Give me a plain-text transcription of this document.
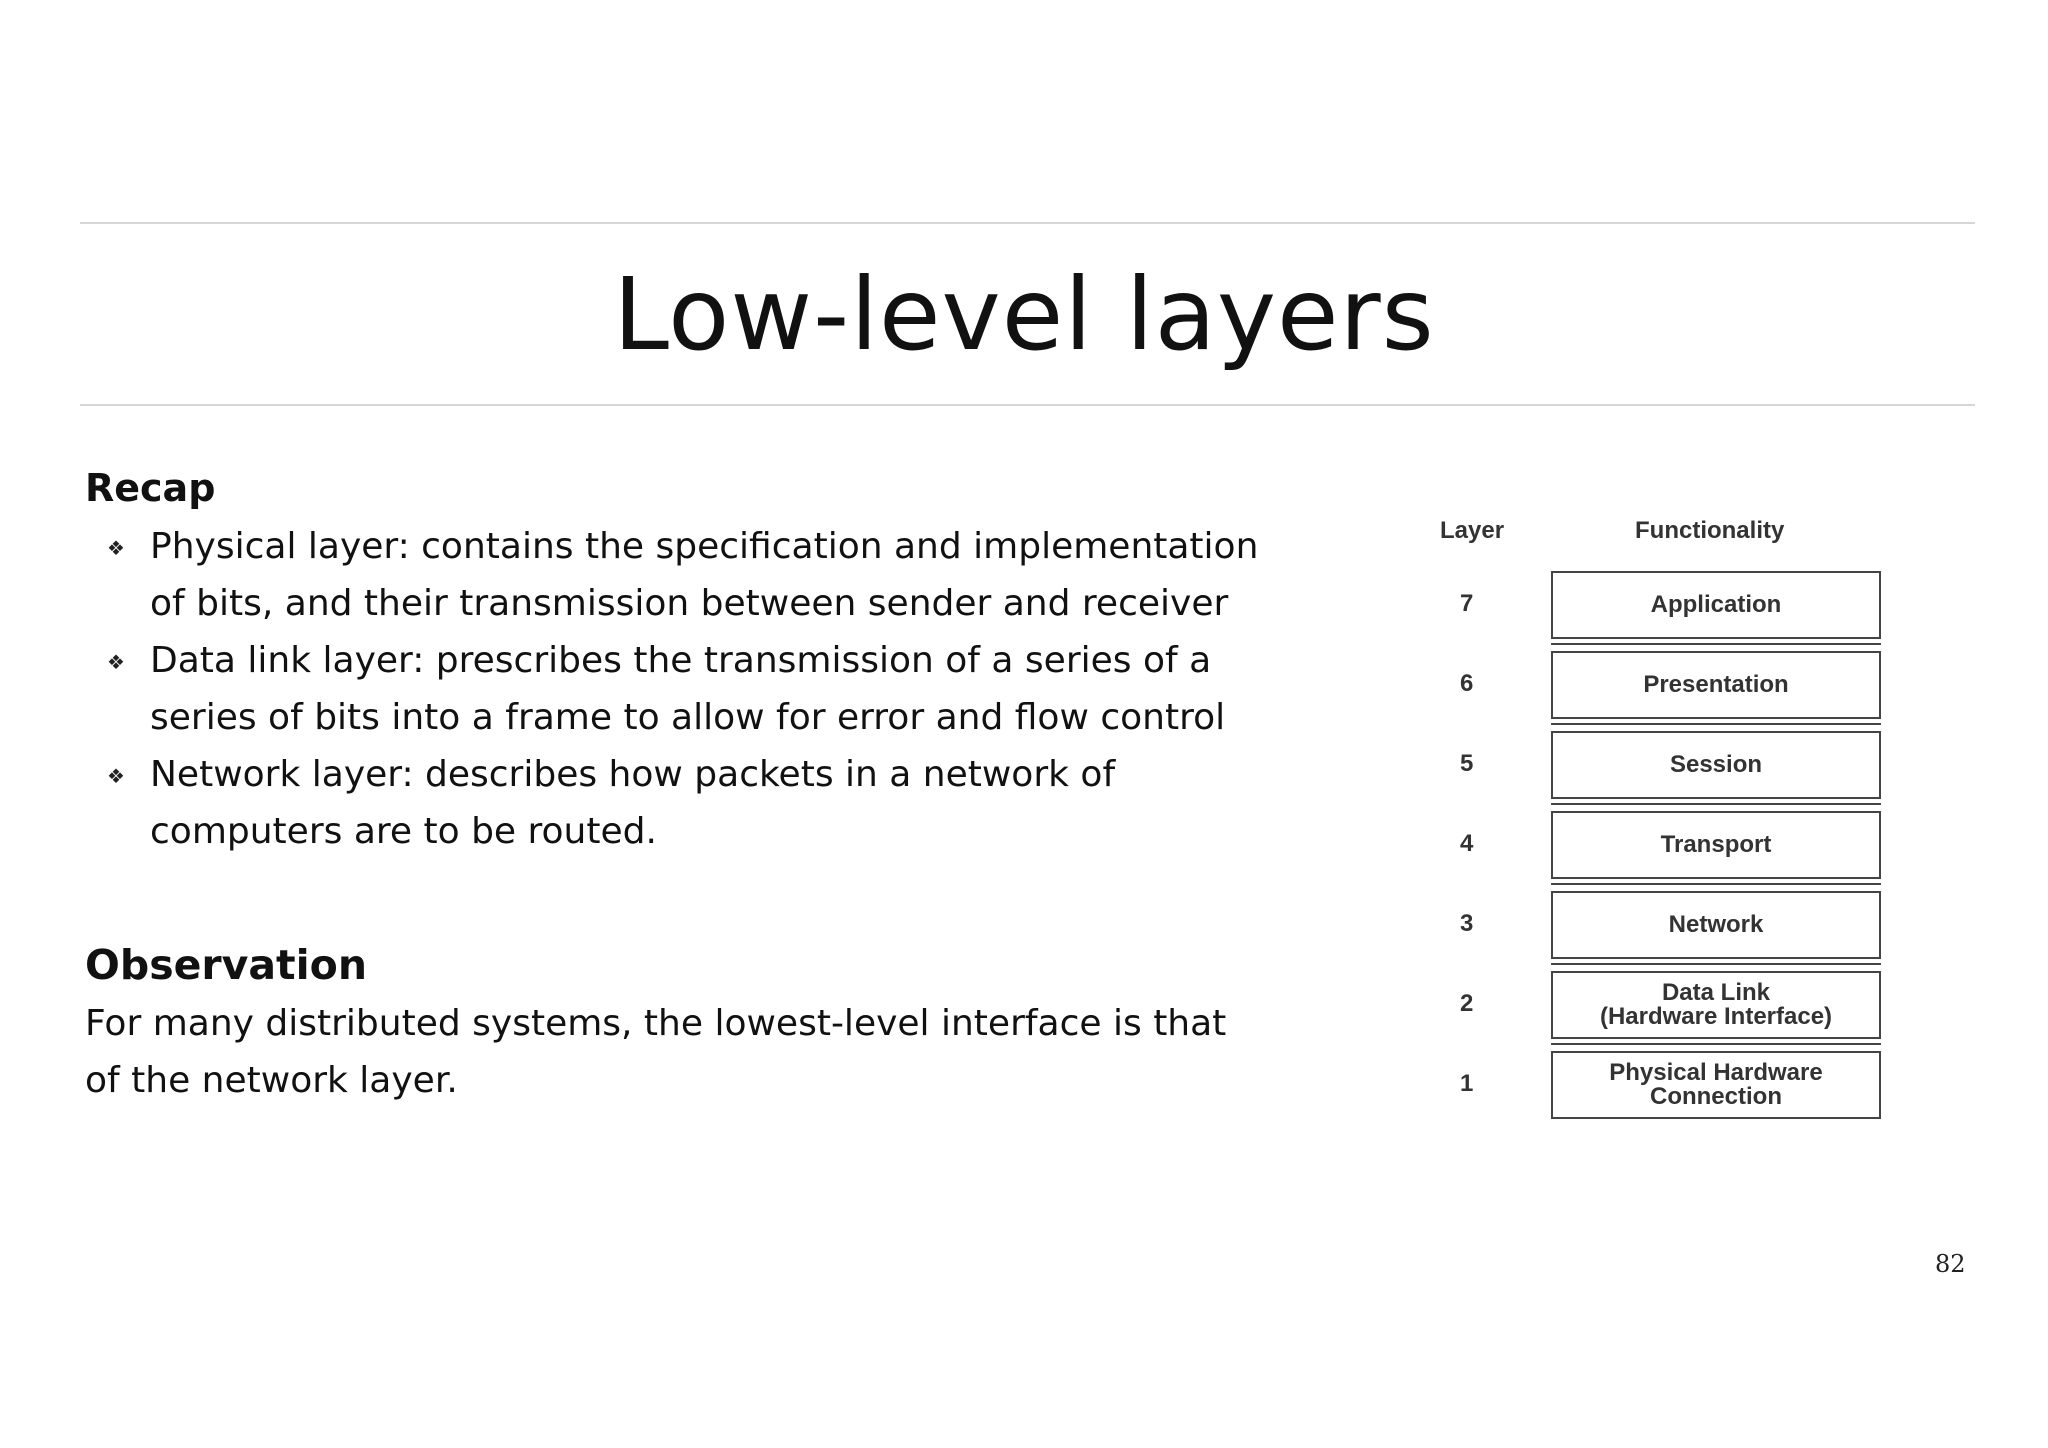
Low-level layers
Recap
❖ Physical layer: contains the specification and implementation of bits, and their transmission between sender and receiver
❖ Data link layer: prescribes the transmission of a series of a series of bits into a frame to allow for error and flow control
❖ Network layer: describes how packets in a network of computers are to be routed.
Observation

For many distributed systems, the lowest-level interface is that of the network layer.

Layer	Functionality
7	Application
6	Presentation
5	Session
4	Transport
3	Network
2	Data Link
(Hardware Interface)
1	Physical Hardware
Connection
82
